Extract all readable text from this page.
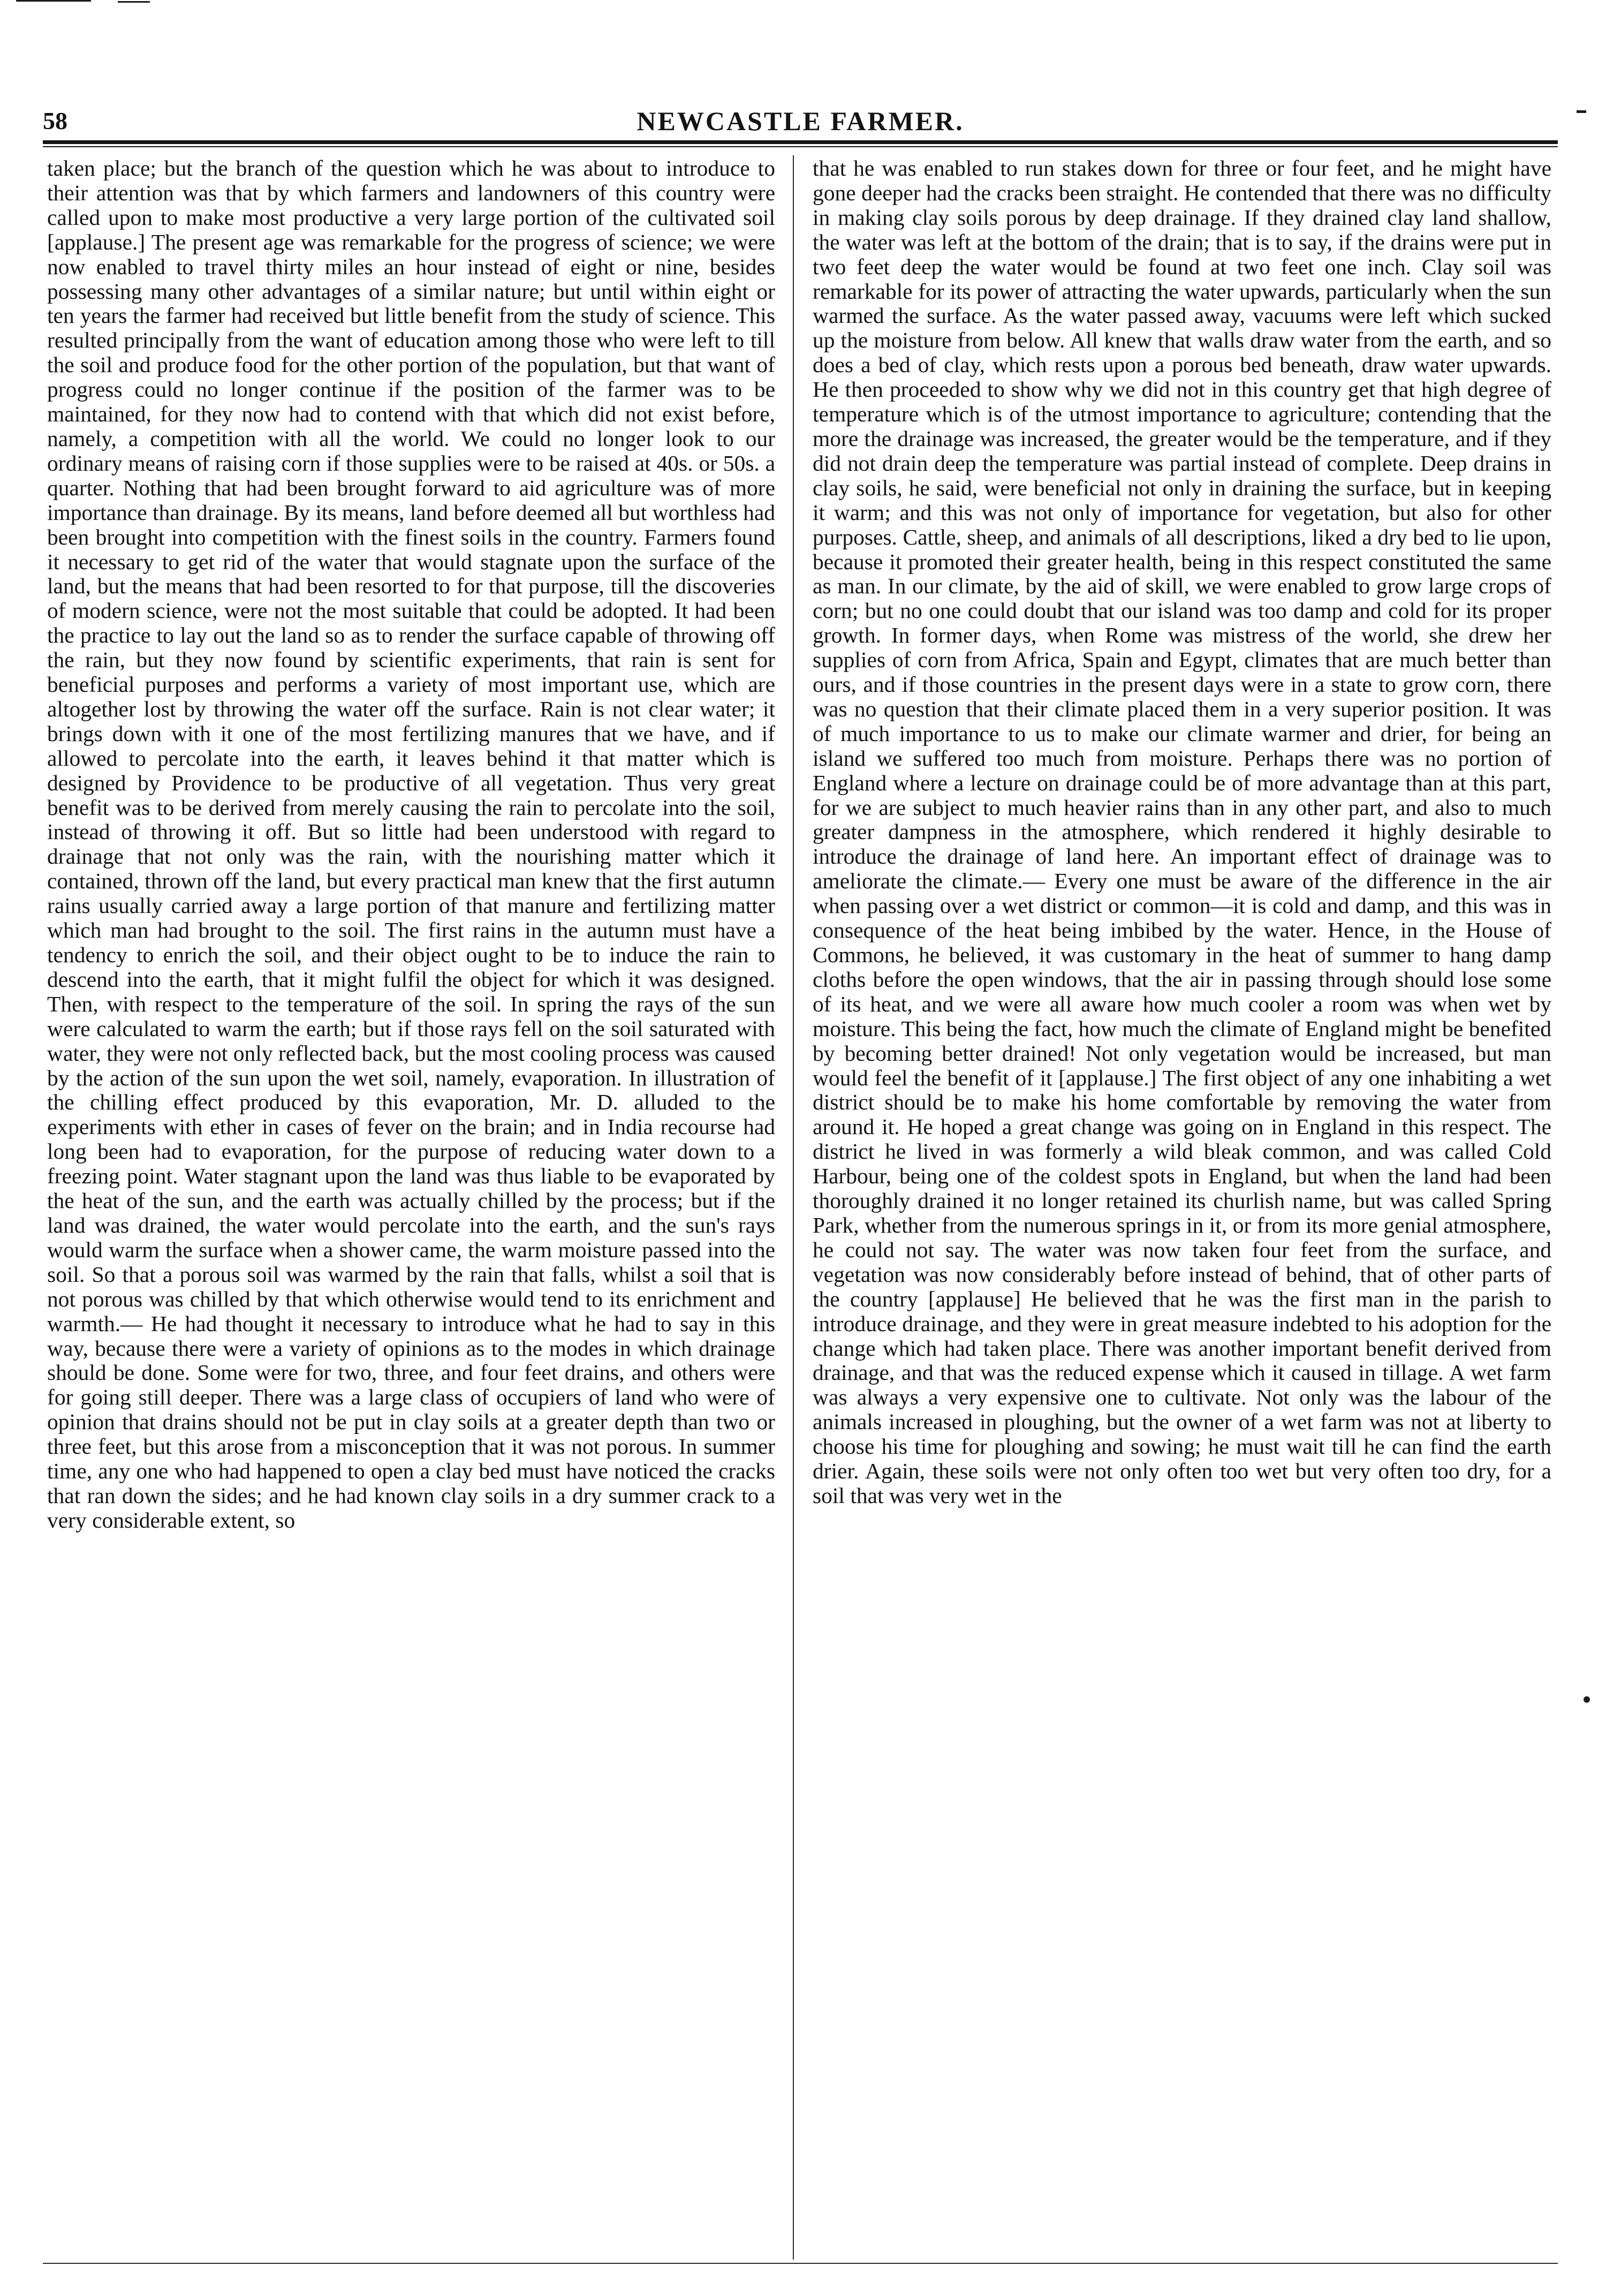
58	NEWCASTLE FARMER.

taken place; but the branch of the question which he was about to introduce to their attention was that by which farmers and landowners of this country were called upon to make most productive a very large portion of the cultivated soil [applause.] The present age was remarkable for the progress of science; we were now enabled to travel thirty miles an hour instead of eight or nine, besides possessing many other advantages of a similar nature; but until within eight or ten years the farmer had received but little benefit from the study of science. This resulted principally from the want of education among those who were left to till the soil and produce food for the other portion of the population, but that want of progress could no longer continue if the position of the farmer was to be maintained, for they now had to contend with that which did not exist before, namely, a competition with all the world. We could no longer look to our ordinary means of raising corn if those supplies were to be raised at 40s. or 50s. a quarter. Nothing that had been brought forward to aid agriculture was of more importance than drainage. By its means, land before deemed all but worthless had been brought into competition with the finest soils in the country. Farmers found it necessary to get rid of the water that would stagnate upon the surface of the land, but the means that had been resorted to for that purpose, till the discoveries of modern science, were not the most suitable that could be adopted. It had been the practice to lay out the land so as to render the surface capable of throwing off the rain, but they now found by scientific experiments, that rain is sent for beneficial purposes and performs a variety of most important use, which are altogether lost by throwing the water off the surface. Rain is not clear water; it brings down with it one of the most fertilizing manures that we have, and if allowed to percolate into the earth, it leaves behind it that matter which is designed by Providence to be productive of all vegetation. Thus very great benefit was to be derived from merely causing the rain to percolate into the soil, instead of throwing it off. But so little had been understood with regard to drainage that not only was the rain, with the nourishing matter which it contained, thrown off the land, but every practical man knew that the first autumn rains usually carried away a large portion of that manure and fertilizing matter which man had brought to the soil. The first rains in the autumn must have a tendency to enrich the soil, and their object ought to be to induce the rain to descend into the earth, that it might fulfil the object for which it was designed. Then, with respect to the temperature of the soil. In spring the rays of the sun were calculated to warm the earth; but if those rays fell on the soil saturated with water, they were not only reflected back, but the most cooling process was caused by the action of the sun upon the wet soil, namely, evaporation. In illustration of the chilling effect produced by this evaporation, Mr. D. alluded to the experiments with ether in cases of fever on the brain; and in India recourse had long been had to evaporation, for the purpose of reducing water down to a freezing point. Water stagnant upon the land was thus liable to be evaporated by the heat of the sun, and the earth was actually chilled by the process; but if the land was drained, the water would percolate into the earth, and the sun's rays would warm the surface when a shower came, the warm moisture passed into the soil. So that a porous soil was warmed by the rain that falls, whilst a soil that is not porous was chilled by that which otherwise would tend to its enrichment and warmth.— He had thought it necessary to introduce what he had to say in this way, because there were a variety of opinions as to the modes in which drainage should be done. Some were for two, three, and four feet drains, and others were for going still deeper. There was a large class of occupiers of land who were of opinion that drains should not be put in clay soils at a greater depth than two or three feet, but this arose from a misconception that it was not porous. In summer time, any one who had happened to open a clay bed must have noticed the cracks that ran down the sides; and he had known clay soils in a dry summer crack to a very considerable extent, so

that he was enabled to run stakes down for three or four feet, and he might have gone deeper had the cracks been straight. He contended that there was no difficulty in making clay soils porous by deep drainage. If they drained clay land shallow, the water was left at the bottom of the drain; that is to say, if the drains were put in two feet deep the water would be found at two feet one inch. Clay soil was remarkable for its power of attracting the water upwards, particularly when the sun warmed the surface. As the water passed away, vacuums were left which sucked up the moisture from below. All knew that walls draw water from the earth, and so does a bed of clay, which rests upon a porous bed beneath, draw water upwards. He then proceeded to show why we did not in this country get that high degree of temperature which is of the utmost importance to agriculture; contending that the more the drainage was increased, the greater would be the temperature, and if they did not drain deep the temperature was partial instead of complete. Deep drains in clay soils, he said, were beneficial not only in draining the surface, but in keeping it warm; and this was not only of importance for vegetation, but also for other purposes. Cattle, sheep, and animals of all descriptions, liked a dry bed to lie upon, because it promoted their greater health, being in this respect constituted the same as man. In our climate, by the aid of skill, we were enabled to grow large crops of corn; but no one could doubt that our island was too damp and cold for its proper growth. In former days, when Rome was mistress of the world, she drew her supplies of corn from Africa, Spain and Egypt, climates that are much better than ours, and if those countries in the present days were in a state to grow corn, there was no question that their climate placed them in a very superior position. It was of much importance to us to make our climate warmer and drier, for being an island we suffered too much from moisture. Perhaps there was no portion of England where a lecture on drainage could be of more advantage than at this part, for we are subject to much heavier rains than in any other part, and also to much greater dampness in the atmosphere, which rendered it highly desirable to introduce the drainage of land here. An important effect of drainage was to ameliorate the climate.— Every one must be aware of the difference in the air when passing over a wet district or common—it is cold and damp, and this was in consequence of the heat being imbibed by the water. Hence, in the House of Commons, he believed, it was customary in the heat of summer to hang damp cloths before the open windows, that the air in passing through should lose some of its heat, and we were all aware how much cooler a room was when wet by moisture. This being the fact, how much the climate of England might be benefited by becoming better drained! Not only vegetation would be increased, but man would feel the benefit of it [applause.] The first object of any one inhabiting a wet district should be to make his home comfortable by removing the water from around it. He hoped a great change was going on in England in this respect. The district he lived in was formerly a wild bleak common, and was called Cold Harbour, being one of the coldest spots in England, but when the land had been thoroughly drained it no longer retained its churlish name, but was called Spring Park, whether from the numerous springs in it, or from its more genial atmosphere, he could not say. The water was now taken four feet from the surface, and vegetation was now considerably before instead of behind, that of other parts of the country [applause] He believed that he was the first man in the parish to introduce drainage, and they were in great measure indebted to his adoption for the change which had taken place. There was another important benefit derived from drainage, and that was the reduced expense which it caused in tillage. A wet farm was always a very expensive one to cultivate. Not only was the labour of the animals increased in ploughing, but the owner of a wet farm was not at liberty to choose his time for ploughing and sowing; he must wait till he can find the earth drier. Again, these soils were not only often too wet but very often too dry, for a soil that was very wet in the
